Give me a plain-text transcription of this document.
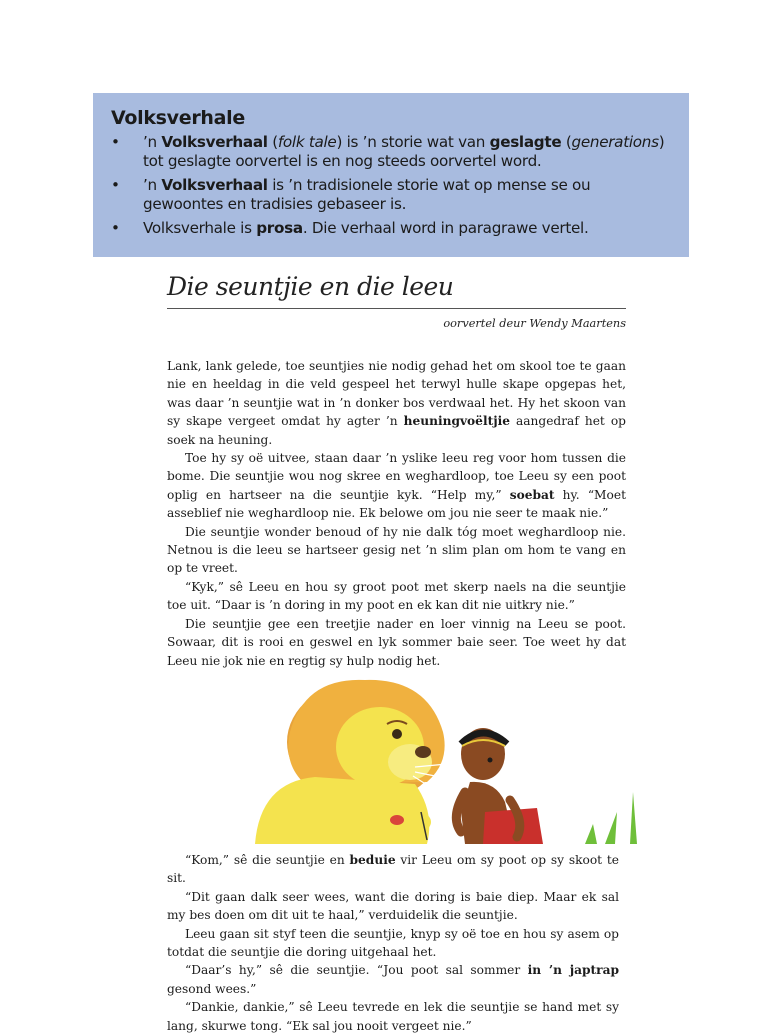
Volksverhale
• ’n Volksverhaal (folk tale) is ’n storie wat van geslagte (generations) tot geslagte oorvertel is en nog steeds oorvertel word.
• ’n Volksverhaal is ’n tradisionele storie wat op mense se ou gewoontes en tradisies gebaseer is.
• Volksverhale is prosa. Die verhaal word in paragrawe vertel.
Die seuntjie en die leeu
oorvertel deur Wendy Maartens

Lank, lank gelede, toe seuntjies nie nodig gehad het om skool toe te gaan nie en heeldag in die veld gespeel het terwyl hulle skape opgepas het, was daar ’n seuntjie wat in ’n donker bos verdwaal het. Hy het skoon van sy skape vergeet omdat hy agter ’n heuningvoëltjie aangedraf het op soek na heuning.

Toe hy sy oë uitvee, staan daar ’n yslike leeu reg voor hom tussen die bome. Die seuntjie wou nog skree en weghardloop, toe Leeu sy een poot oplig en hartseer na die seuntjie kyk. “Help my,” soebat hy. “Moet asseblief nie weghardloop nie. Ek belowe om jou nie seer te maak nie.”

Die seuntjie wonder benoud of hy nie dalk tóg moet weghardloop nie. Netnou is die leeu se hartseer gesig net ’n slim plan om hom te vang en op te vreet.

“Kyk,” sê Leeu en hou sy groot poot met skerp naels na die seuntjie toe uit. “Daar is ’n doring in my poot en ek kan dit nie uitkry nie.”

Die seuntjie gee een treetjie nader en loer vinnig na Leeu se poot. Sowaar, dit is rooi en geswel en lyk sommer baie seer. Toe weet hy dat Leeu nie jok nie en regtig sy hulp nodig het.

“Kom,” sê die seuntjie en beduie vir Leeu om sy poot op sy skoot te sit.

“Dit gaan dalk seer wees, want die doring is baie diep. Maar ek sal my bes doen om dit uit te haal,” verduidelik die seuntjie.

Leeu gaan sit styf teen die seuntjie, knyp sy oë toe en hou sy asem op totdat die seuntjie die doring uitgehaal het.

“Daar’s hy,” sê die seuntjie. “Jou poot sal sommer in ’n japtrap gesond wees.”

“Dankie, dankie,” sê Leeu tevrede en lek die seuntjie se hand met sy lang, skurwe tong. “Ek sal jou nooit vergeet nie.”
